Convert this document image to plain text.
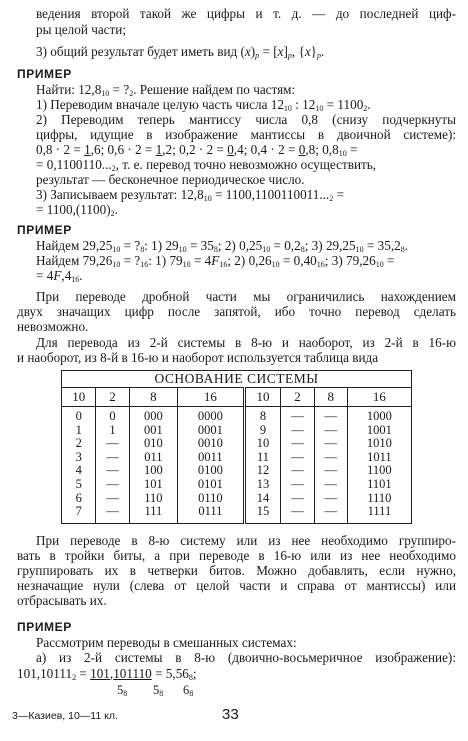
ведения второй такой же цифры и т. д. — до последней циф-
ры целой части;
3) общий результат будет иметь вид $(x)_p = [x]_p$, $\{x\}_p$.
ПРИМЕР
Найти: $12,8_{10}$ = $?_2$. Решение найдем по частям:
1) Переводим вначале целую часть числа $12_{10}$ : $12_{10} = 1100_2$.
2) Переводим теперь мантиссу числа 0,8 (снизу подчеркнуты
цифры, идущие в изображение мантиссы в двоичной системе):
0,8 · 2 = 1,6; 0,6 · 2 = 1,2; 0,2 · 2 = 0,4; 0,4 · 2 = 0,8; $0,8_{10}$ =
= $0,1100110..._2$, т. е. перевод точно невозможно осуществить,
результат — бесконечное периодическое число.
3) Записываем результат: $12,8_{10} = 1100,1100110011..._2$ =
= $1100,(1100)_2$.
ПРИМЕР
Найдем $29,25_{10}$ = $?_8$: 1) $29_{10} = 35_8$; 2) $0,25_{10} = 0,2_8$; 3) $29,25_{10} = 35,2_8$.
Найдем $79,26_{10}$ = $?_{16}$: 1) $79_{10} = 4F_{16}$; 2) $0,26_{10} = 0,40_{16}$; 3) $79,26_{10}$ =
= $4F,4_{16}$.
При переводе дробной части мы ограничились нахождением
двух значащих цифр после запятой, ибо точно перевод сделать
невозможно.
Для перевода из 2-й системы в 8-ю и наоборот, из 2-й в 16-ю
и наоборот, из 8-й в 16-ю и наоборот используется таблица вида
ОСНОВАНИЕ СИСТЕМЫ							
10	2	8	16	10	2	8	16
0	0	000	0000	8	—	—	1000
1	1	001	0001	9	—	—	1001
2	—	010	0010	10	—	—	1010
3	—	011	0011	11	—	—	1011
4	—	100	0100	12	—	—	1100
5	—	101	0101	13	—	—	1101
6	—	110	0110	14	—	—	1110
7	—	111	0111	15	—	—	1111
При переводе в 8-ю систему или из нее необходимо группиро-
вать в тройки биты, а при переводе в 16-ю или из нее необходимо
группировать их в четверки битов. Можно добавлять, если нужно,
незначащие нули (слева от целой части и справа от мантиссы) или
отбрасывать их.
ПРИМЕР
Рассмотрим переводы в смешанных системах:
а) из 2-й системы в 8-ю (двоично-восьмеричное изображение):
$101,10111_2 = 101,101110 = 5,56_8$;
$5_8$ $5_8$ $6_8$
3—Казиев, 10—11 кл.	33
